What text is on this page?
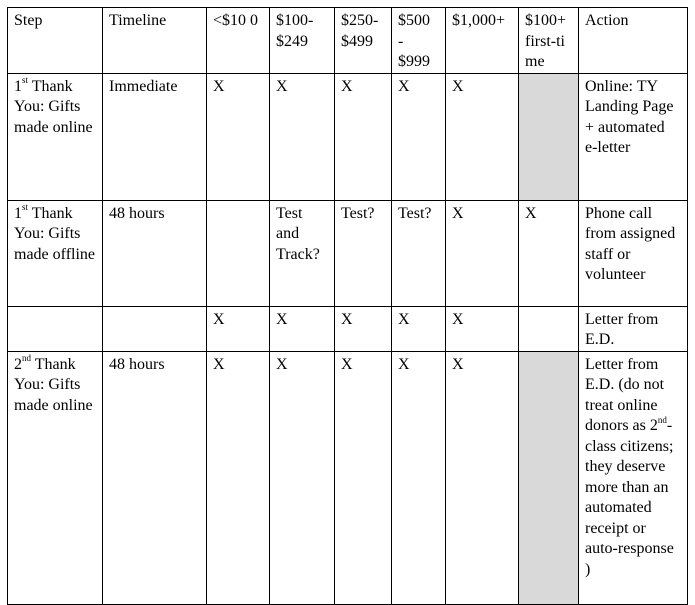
Step	Timeline	<$10 0	$100- $249	$250- $499	$500 - $999	$1,000+	$100+ first-ti me	Action
1st Thank You: Gifts made online	Immediate	X	X	X	X	X		Online: TY Landing Page + automated e-letter
1st Thank You: Gifts made offline	48 hours		Test and Track?	Test?	Test?	X	X	Phone call from assigned staff or volunteer
		X	X	X	X	X		Letter from E.D.
2nd Thank You: Gifts made online	48 hours	X	X	X	X	X		Letter from E.D. (do not treat online donors as 2nd-class citizens; they deserve more than an automated receipt or auto-response )
